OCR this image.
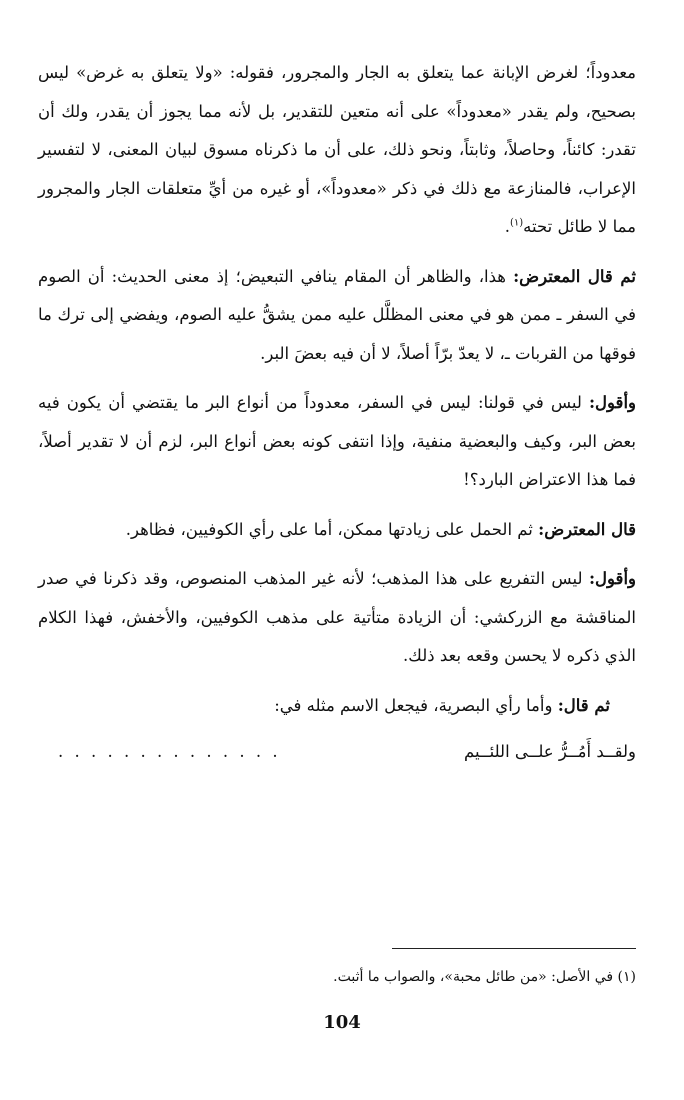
معدوداً؛ لغرض الإبانة عما يتعلق به الجار والمجرور، فقوله: «ولا يتعلق به غرض» ليس بصحيح، ولم يقدر «معدوداً» على أنه متعين للتقدير، بل لأنه مما يجوز أن يقدر، ولك أن تقدر: كائناً، وحاصلاً، وثابتاً، ونحو ذلك، على أن ما ذكرناه مسوق لبيان المعنى، لا لتفسير الإعراب، فالمنازعة مع ذلك في ذكر «معدوداً»، أو غيره من أيِّ متعلقات الجار والمجرور مما لا طائل تحته$^{(١)}$.

ثم قال المعترض: هذا، والظاهر أن المقام ينافي التبعيض؛ إذ معنى الحديث: أن الصوم في السفر ـ ممن هو في معنى المظلَّل عليه ممن يشقُّ عليه الصوم، ويفضي إلى ترك ما فوقها من القربات ـ، لا يعدّ برّاً أصلاً، لا أن فيه بعضَ البر.

وأقول: ليس في قولنا: ليس في السفر، معدوداً من أنواع البر ما يقتضي أن يكون فيه بعض البر، وكيف والبعضية منفية، وإذا انتفى كونه بعض أنواع البر، لزم أن لا تقدير أصلاً، فما هذا الاعتراض البارد؟!

قال المعترض: ثم الحمل على زيادتها ممكن، أما على رأي الكوفيين، فظاهر.

وأقول: ليس التفريع على هذا المذهب؛ لأنه غير المذهب المنصوص، وقد ذكرنا في صدر المناقشة مع الزركشي: أن الزيادة متأتية على مذهب الكوفيين، والأخفش، فهذا الكلام الذي ذكره لا يحسن وقعه بعد ذلك.

ثم قال: وأما رأي البصرية، فيجعل الاسم مثله في:

ولقــد أَمُــرُّ علــى اللئــيم
. . . . . . . . . . . . . .
(١) في الأصل: «من طائل محبة»، والصواب ما أثبت.
104
